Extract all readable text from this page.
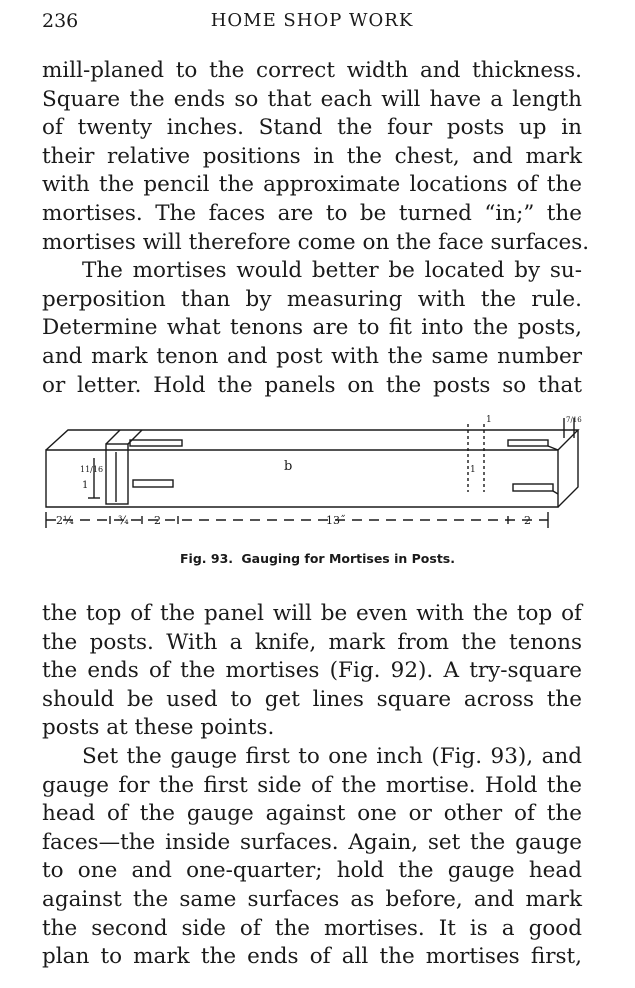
236	HOME SHOP WORK
mill-planed to the correct width and thickness.
Square the ends so that each will have a length
of twenty inches. Stand the four posts up in
their relative positions in the chest, and mark
with the pencil the approximate locations of the
mortises. The faces are to be turned “in;” the
mortises will therefore come on the face surfaces.
The mortises would better be located by su-
perposition than by measuring with the rule.
Determine what tenons are to fit into the posts,
and mark tenon and post with the same number
or letter. Hold the panels on the posts so that
2¼	¾ 2	13˝	2
1
11/16	b	1
1	7/16
Fig. 93. Gauging for Mortises in Posts.
the top of the panel will be even with the top of
the posts. With a knife, mark from the tenons
the ends of the mortises (Fig. 92). A try-square
should be used to get lines square across the
posts at these points.
Set the gauge first to one inch (Fig. 93), and
gauge for the first side of the mortise. Hold the
head of the gauge against one or other of the
faces—the inside surfaces. Again, set the gauge
to one and one-quarter; hold the gauge head
against the same surfaces as before, and mark
the second side of the mortises. It is a good
plan to mark the ends of all the mortises first,
